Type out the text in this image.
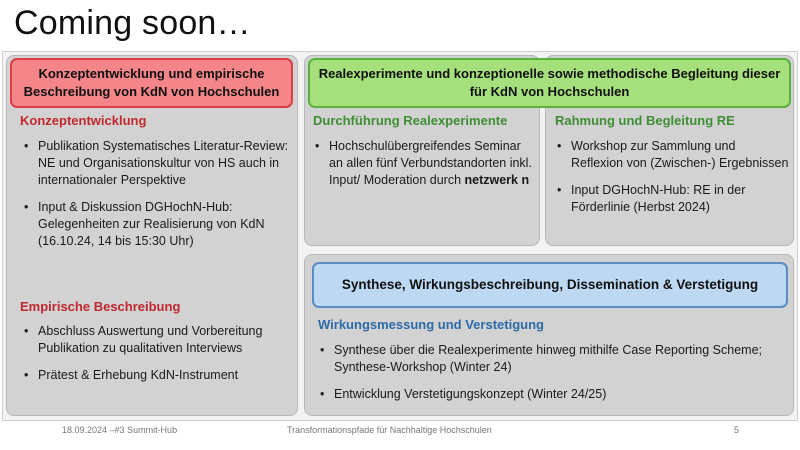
Coming soon…
Konzeptentwicklung und empirische Beschreibung von KdN von Hochschulen
Realexperimente und konzeptionelle sowie methodische Begleitung dieser für KdN von Hochschulen
Synthese, Wirkungsbeschreibung, Dissemination & Verstetigung
Konzeptentwicklung
• Publikation Systematisches Literatur-Review: NE und Organisationskultur von HS auch in internationaler Perspektive
• Input & Diskussion DGHochN-Hub: Gelegenheiten zur Realisierung von KdN (16.10.24, 14 bis 15:30 Uhr)
Empirische Beschreibung
• Abschluss Auswertung und Vorbereitung Publikation zu qualitativen Interviews
• Prätest & Erhebung KdN-Instrument
Durchführung Realexperimente
• Hochschulübergreifendes Seminar an allen fünf Verbundstandorten inkl. Input/ Moderation durch netzwerk n
Rahmung und Begleitung RE
• Workshop zur Sammlung und Reflexion von (Zwischen-) Ergebnissen
• Input DGHochN-Hub: RE in der Förderlinie (Herbst 2024)
Wirkungsmessung und Verstetigung
• Synthese über die Realexperimente hinweg mithilfe Case Reporting Scheme; Synthese-Workshop (Winter 24)
• Entwicklung Verstetigungskonzept (Winter 24/25)
18.09.2024 –#3 Summit-Hub	Transformationspfade für Nachhaltige Hochschulen	5
